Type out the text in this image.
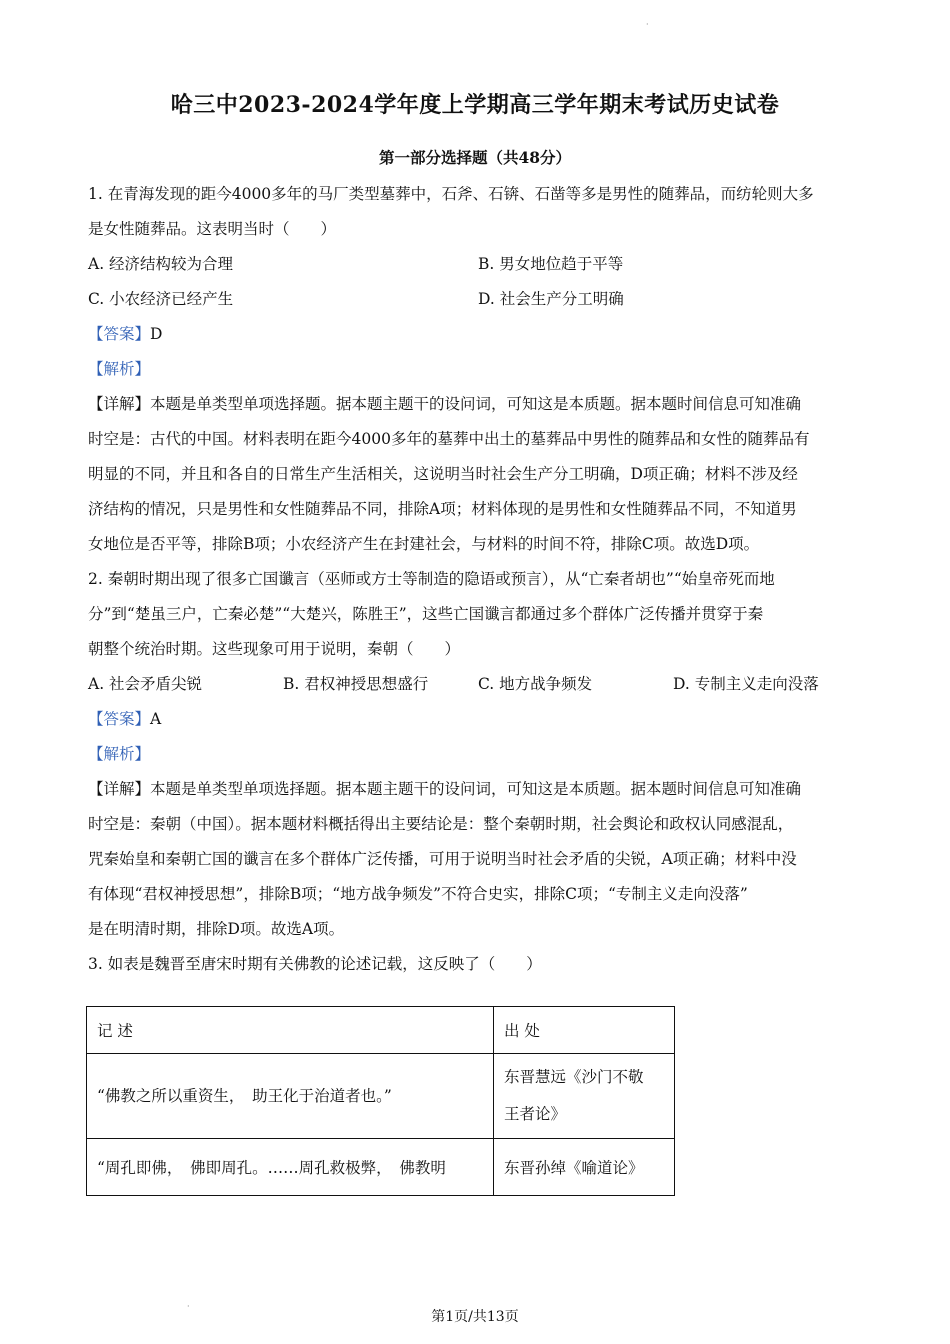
·
·
哈三中2023-2024学年度上学期高三学年期末考试历史试卷
第一部分选择题（共48分）
1. 在青海发现的距今4000多年的马厂类型墓葬中，石斧、石锛、石凿等多是男性的随葬品，而纺轮则大多
是女性随葬品。这表明当时（　　）
A. 经济结构较为合理	B. 男女地位趋于平等
C. 小农经济已经产生	D. 社会生产分工明确
【答案】D
【解析】
【详解】本题是单类型单项选择题。据本题主题干的设问词，可知这是本质题。据本题时间信息可知准确
时空是：古代的中国。材料表明在距今4000多年的墓葬中出土的墓葬品中男性的随葬品和女性的随葬品有
明显的不同，并且和各自的日常生产生活相关，这说明当时社会生产分工明确，D项正确；材料不涉及经
济结构的情况，只是男性和女性随葬品不同，排除A项；材料体现的是男性和女性随葬品不同，不知道男
女地位是否平等，排除B项；小农经济产生在封建社会，与材料的时间不符，排除C项。故选D项。
2. 秦朝时期出现了很多亡国谶言（巫师或方士等制造的隐语或预言），从“亡秦者胡也”“始皇帝死而地
分”到“楚虽三户，亡秦必楚”“大楚兴，陈胜王”，这些亡国谶言都通过多个群体广泛传播并贯穿于秦
朝整个统治时期。这些现象可用于说明，秦朝（　　）
A. 社会矛盾尖锐	B. 君权神授思想盛行	C. 地方战争频发	D. 专制主义走向没落
【答案】A
【解析】
【详解】本题是单类型单项选择题。据本题主题干的设问词，可知这是本质题。据本题时间信息可知准确
时空是：秦朝（中国）。据本题材料概括得出主要结论是：整个秦朝时期，社会舆论和政权认同感混乱，
咒秦始皇和秦朝亡国的谶言在多个群体广泛传播，可用于说明当时社会矛盾的尖锐，A项正确；材料中没
有体现“君权神授思想”，排除B项；“地方战争频发”不符合史实，排除C项；“专制主义走向没落”
是在明清时期，排除D项。故选A项。
3. 如表是魏晋至唐宋时期有关佛教的论述记载，这反映了（　　）
记 述	出 处
“佛教之所以重资生，　助王化于治道者也。”	东晋慧远《沙门不敬
王者论》

“周孔即佛，　佛即周孔。……周孔救极弊，　佛教明	东晋孙绰《喻道论》
第1页/共13页
